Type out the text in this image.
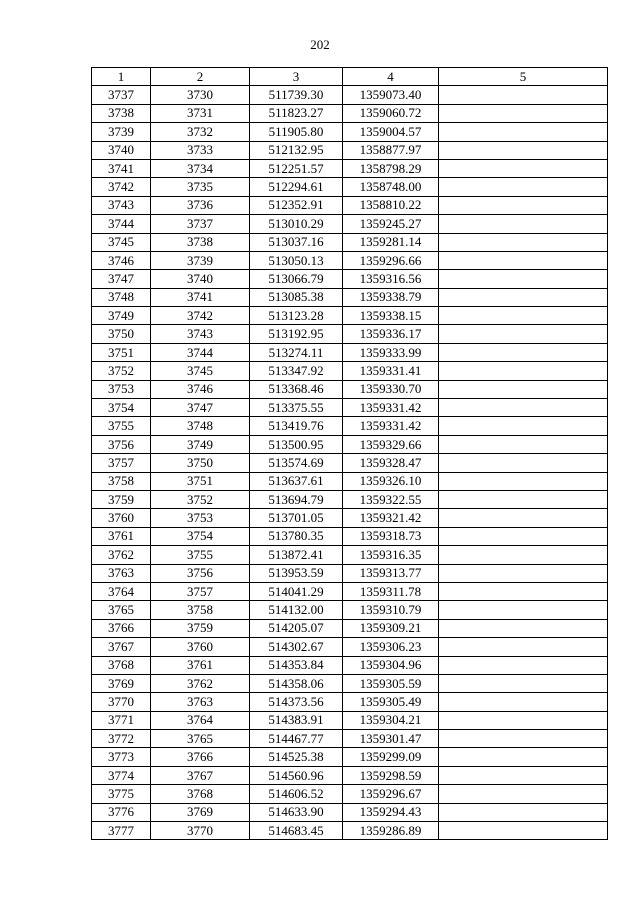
202
1	2	3	4	5
3737	3730	511739.30	1359073.40	
3738	3731	511823.27	1359060.72	
3739	3732	511905.80	1359004.57	
3740	3733	512132.95	1358877.97	
3741	3734	512251.57	1358798.29	
3742	3735	512294.61	1358748.00	
3743	3736	512352.91	1358810.22	
3744	3737	513010.29	1359245.27	
3745	3738	513037.16	1359281.14	
3746	3739	513050.13	1359296.66	
3747	3740	513066.79	1359316.56	
3748	3741	513085.38	1359338.79	
3749	3742	513123.28	1359338.15	
3750	3743	513192.95	1359336.17	
3751	3744	513274.11	1359333.99	
3752	3745	513347.92	1359331.41	
3753	3746	513368.46	1359330.70	
3754	3747	513375.55	1359331.42	
3755	3748	513419.76	1359331.42	
3756	3749	513500.95	1359329.66	
3757	3750	513574.69	1359328.47	
3758	3751	513637.61	1359326.10	
3759	3752	513694.79	1359322.55	
3760	3753	513701.05	1359321.42	
3761	3754	513780.35	1359318.73	
3762	3755	513872.41	1359316.35	
3763	3756	513953.59	1359313.77	
3764	3757	514041.29	1359311.78	
3765	3758	514132.00	1359310.79	
3766	3759	514205.07	1359309.21	
3767	3760	514302.67	1359306.23	
3768	3761	514353.84	1359304.96	
3769	3762	514358.06	1359305.59	
3770	3763	514373.56	1359305.49	
3771	3764	514383.91	1359304.21	
3772	3765	514467.77	1359301.47	
3773	3766	514525.38	1359299.09	
3774	3767	514560.96	1359298.59	
3775	3768	514606.52	1359296.67	
3776	3769	514633.90	1359294.43	
3777	3770	514683.45	1359286.89	
